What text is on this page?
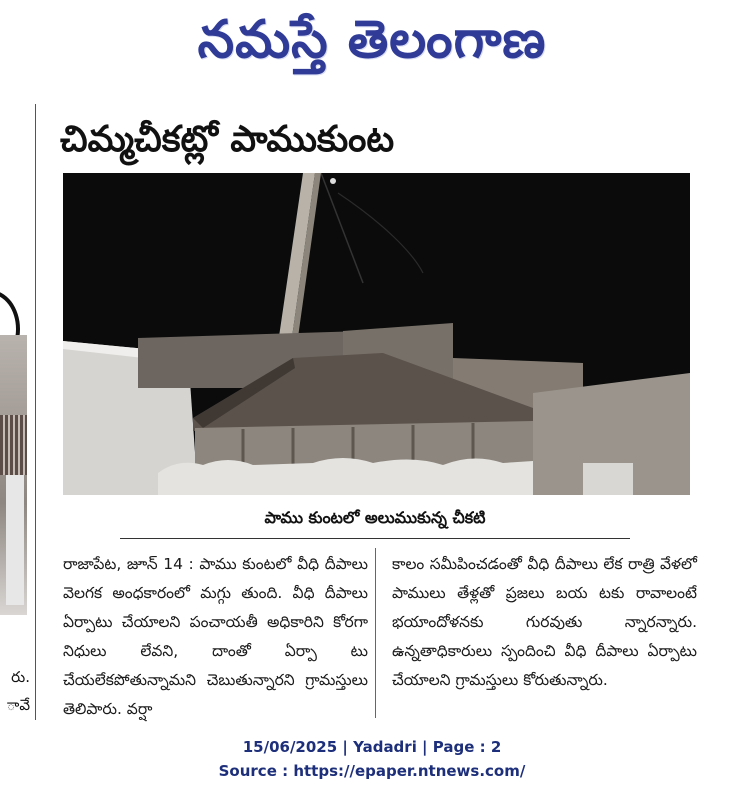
నమస్తే తెలంగాణ
రు.
ావే
చిమ్మచీకట్లో పాముకుంట
పాము కుంటలో అలుముకున్న చీకటి
రాజాపేట, జూన్ 14 : పాము కుంటలో వీధి దీపాలు వెలగక అంధకారంలో మగ్గు తుంది. వీధి దీపాలు ఏర్పాటు చేయాలని పంచాయతీ అధికారిని కోరగా నిధులు లేవని, దాంతో ఏర్పా టు చేయలేకపోతున్నామని చెబుతున్నారని గ్రామస్తులు తెలిపారు. వర్షా
కాలం సమీపించడంతో వీధి దీపాలు లేక రాత్రి వేళలో పాములు తేళ్లతో ప్రజలు బయ టకు రావాలంటే భయాందోళనకు గురవుతు న్నారన్నారు. ఉన్నతాధికారులు స్పందించి వీధి దీపాలు ఏర్పాటు చేయాలని గ్రామస్తులు కోరుతున్నారు.
15/06/2025 | Yadadri | Page : 2
Source : https://epaper.ntnews.com/
